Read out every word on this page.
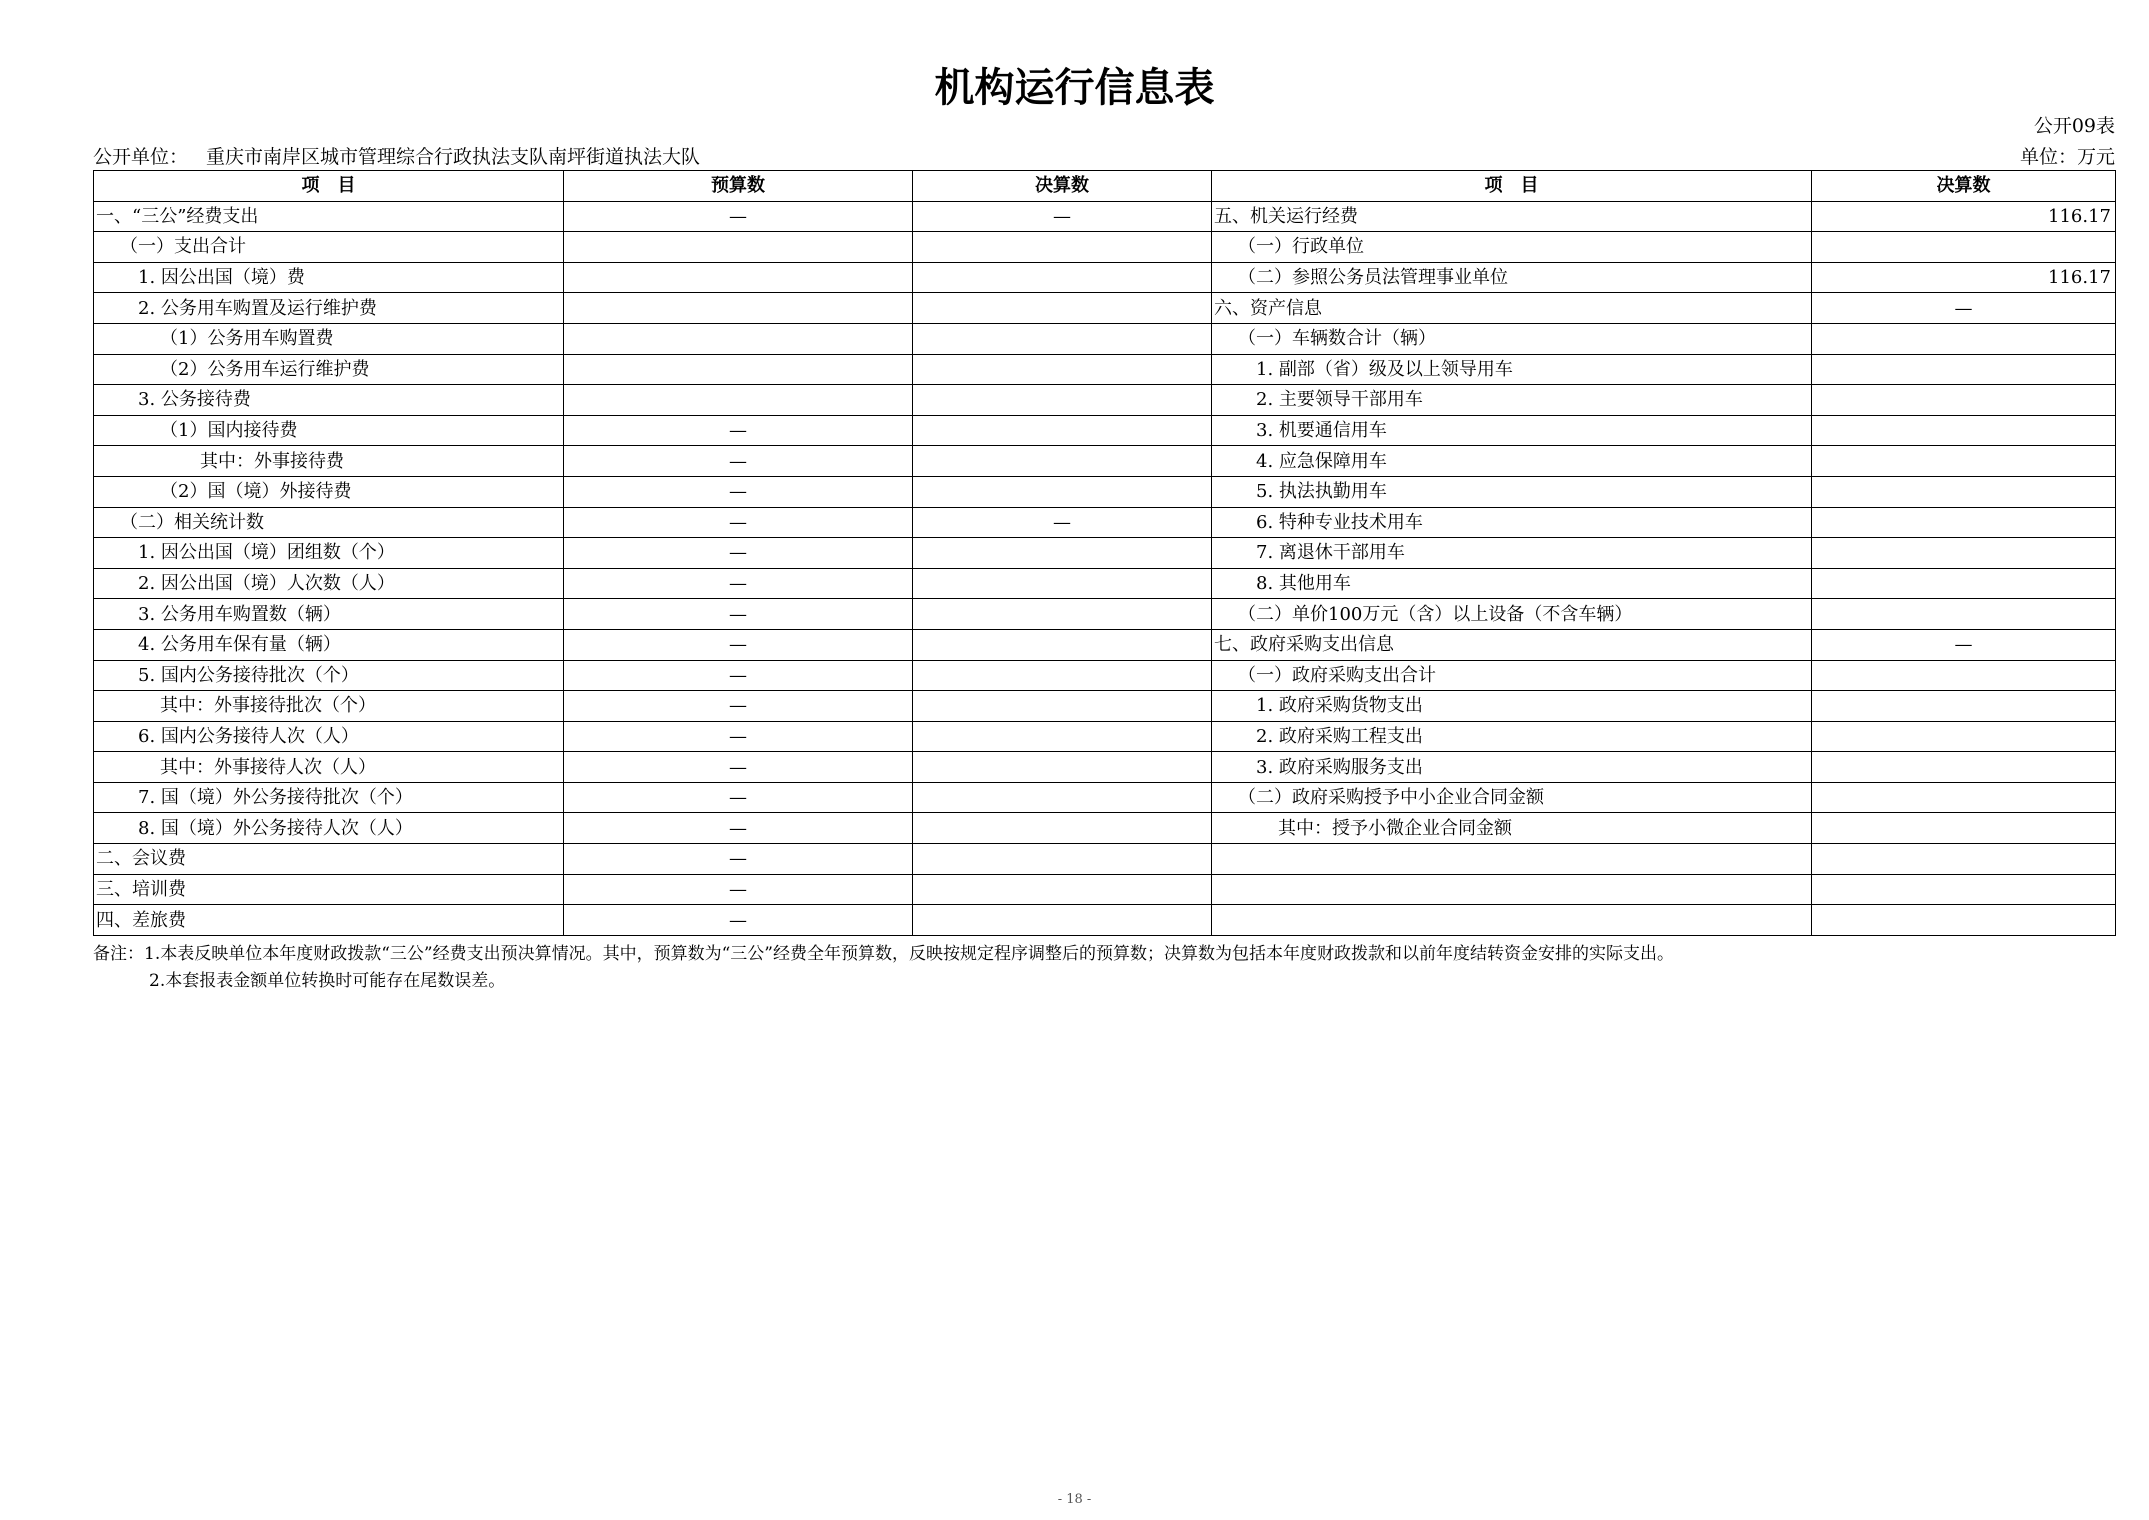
机构运行信息表
公开09表
公开单位： 重庆市南岸区城市管理综合行政执法支队南坪街道执法大队	单位：万元
项　目	预算数	决算数	项　目	决算数
一、“三公”经费支出	—	—	五、机关运行经费	116.17
（一）支出合计			（一）行政单位	
1. 因公出国（境）费			（二）参照公务员法管理事业单位	116.17
2. 公务用车购置及运行维护费			六、资产信息	—
（1）公务用车购置费			（一）车辆数合计（辆）	
（2）公务用车运行维护费			1. 副部（省）级及以上领导用车	
3. 公务接待费			2. 主要领导干部用车	
（1）国内接待费	—		3. 机要通信用车	
其中：外事接待费	—		4. 应急保障用车	
（2）国（境）外接待费	—		5. 执法执勤用车	
（二）相关统计数	—	—	6. 特种专业技术用车	
1. 因公出国（境）团组数（个）	—		7. 离退休干部用车	
2. 因公出国（境）人次数（人）	—		8. 其他用车	
3. 公务用车购置数（辆）	—		（二）单价100万元（含）以上设备（不含车辆）	
4. 公务用车保有量（辆）	—		七、政府采购支出信息	—
5. 国内公务接待批次（个）	—		（一）政府采购支出合计	
其中：外事接待批次（个）	—		1. 政府采购货物支出	
6. 国内公务接待人次（人）	—		2. 政府采购工程支出	
其中：外事接待人次（人）	—		3. 政府采购服务支出	
7. 国（境）外公务接待批次（个）	—		（二）政府采购授予中小企业合同金额	
8. 国（境）外公务接待人次（人）	—		其中：授予小微企业合同金额	
二、会议费	—			
三、培训费	—			
四、差旅费	—			
备注：1.本表反映单位本年度财政拨款“三公”经费支出预决算情况。其中，预算数为“三公”经费全年预算数，反映按规定程序调整后的预算数；决算数为包括本年度财政拨款和以前年度结转资金安排的实际支出。
2.本套报表金额单位转换时可能存在尾数误差。
- 18 -
